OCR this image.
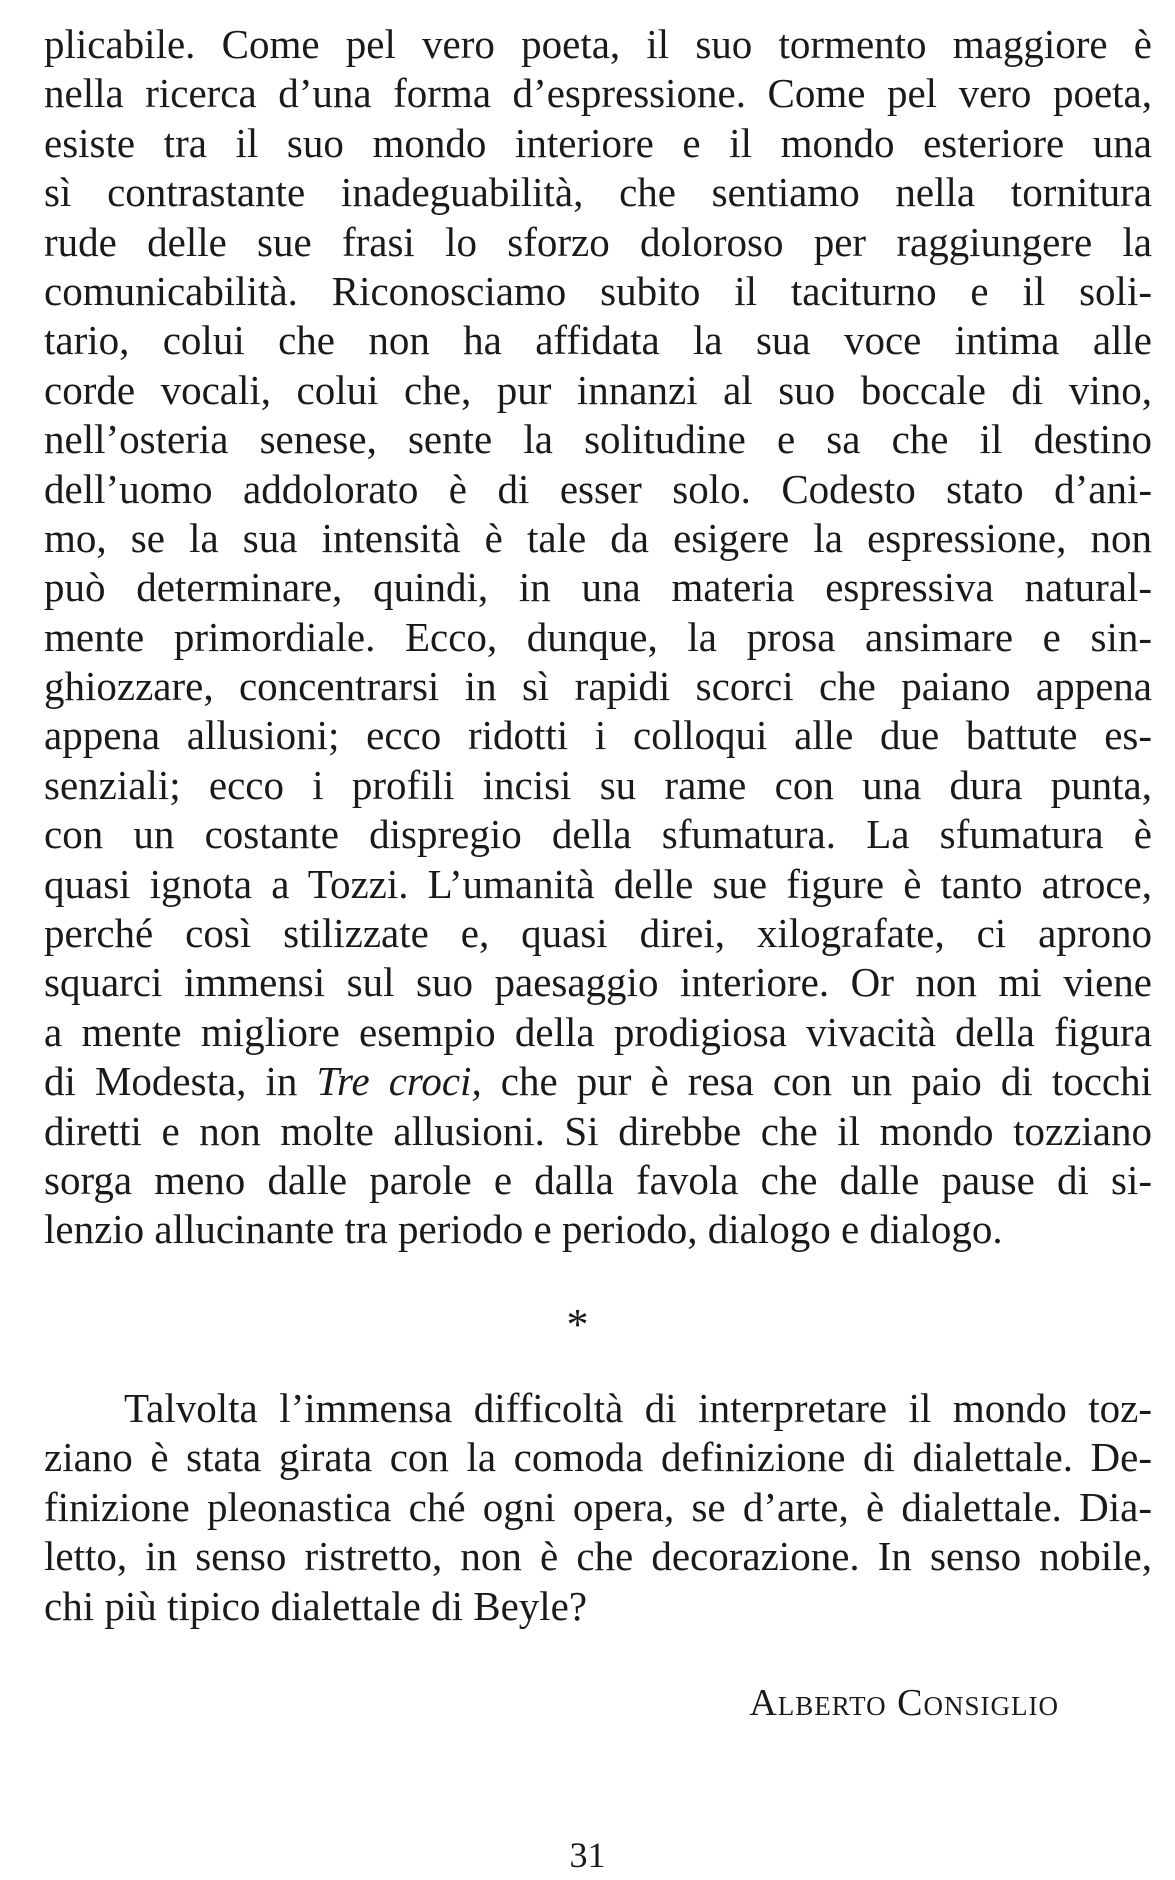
plicabile. Come pel vero poeta, il suo tormento maggiore è
nella ricerca d’una forma d’espressione. Come pel vero poeta,
esiste tra il suo mondo interiore e il mondo esteriore una
sì contrastante inadeguabilità, che sentiamo nella tornitura
rude delle sue frasi lo sforzo doloroso per raggiungere la
comunicabilità. Riconosciamo subito il taciturno e il soli-
tario, colui che non ha affidata la sua voce intima alle
corde vocali, colui che, pur innanzi al suo boccale di vino,
nell’osteria senese, sente la solitudine e sa che il destino
dell’uomo addolorato è di esser solo. Codesto stato d’ani-
mo, se la sua intensità è tale da esigere la espressione, non
può determinare, quindi, in una materia espressiva natural-
mente primordiale. Ecco, dunque, la prosa ansimare e sin-
ghiozzare, concentrarsi in sì rapidi scorci che paiano appena
appena allusioni; ecco ridotti i colloqui alle due battute es-
senziali; ecco i profili incisi su rame con una dura punta,
con un costante dispregio della sfumatura. La sfumatura è
quasi ignota a Tozzi. L’umanità delle sue figure è tanto atroce,
perché così stilizzate e, quasi direi, xilografate, ci aprono
squarci immensi sul suo paesaggio interiore. Or non mi viene
a mente migliore esempio della prodigiosa vivacità della figura
di Modesta, in Tre croci, che pur è resa con un paio di tocchi
diretti e non molte allusioni. Si direbbe che il mondo tozziano
sorga meno dalle parole e dalla favola che dalle pause di si-
lenzio allucinante tra periodo e periodo, dialogo e dialogo.
*
Talvolta l’immensa difficoltà di interpretare il mondo toz-
ziano è stata girata con la comoda definizione di dialettale. De-
finizione pleonastica ché ogni opera, se d’arte, è dialettale. Dia-
letto, in senso ristretto, non è che decorazione. In senso nobile,
chi più tipico dialettale di Beyle?
Alberto Consiglio
31
